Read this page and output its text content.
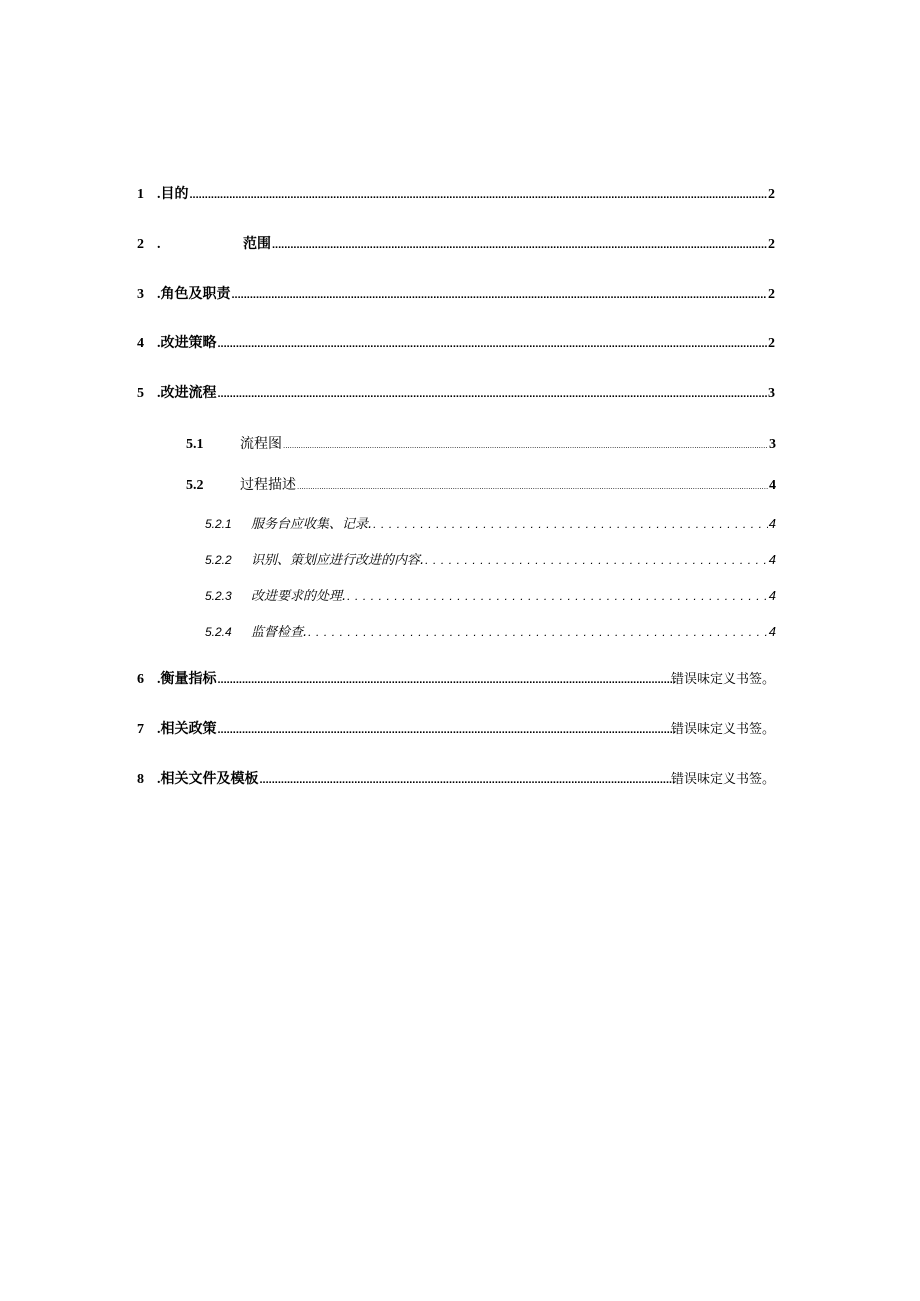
1 . 目的 .....	2
2 .	范围 .....	2
3 . 角色及职责 .....	2
4 . 改进策略 .....	2
5 . 改进流程 .....	3
5.1	流程图 .....	3
5.2	过程描述 .....	4
5.2.1	服务台应收集、记录. . . .	4
5.2.2	识别、策划应进行改进的内容. . . .	4
5.2.3	改进要求的处理. . . .	4
5.2.4	监督检查. . . .	4
6 . 衡量指标 .....	错误味定义书签。
7 . 相关政策 .....	错误味定义书签。
8 . 相关文件及模板 .....	错误味定义书签。
